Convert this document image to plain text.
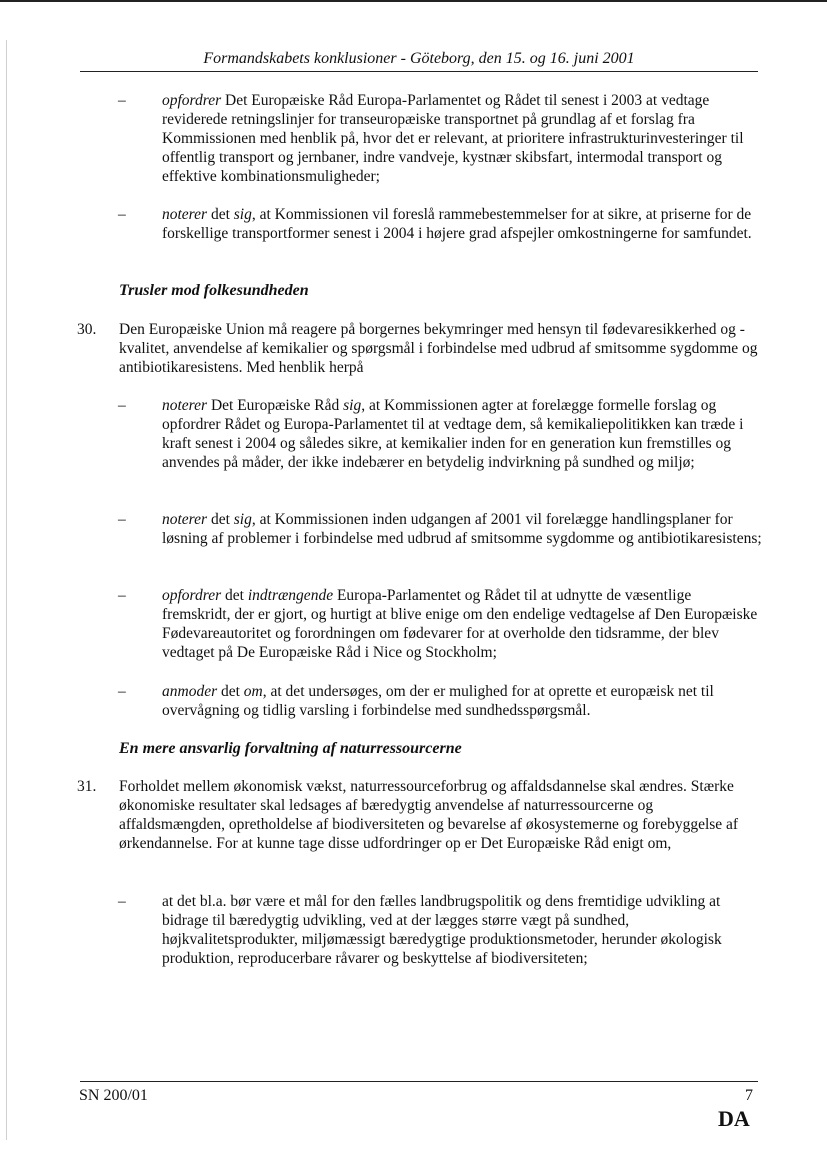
Formandskabets konklusioner - Göteborg, den 15. og 16. juni 2001
– opfordrer Det Europæiske Råd Europa-Parlamentet og Rådet til senest i 2003 at vedtage reviderede retningslinjer for transeuropæiske transportnet på grundlag af et forslag fra Kommissionen med henblik på, hvor det er relevant, at prioritere infrastrukturinvesteringer til offentlig transport og jernbaner, indre vandveje, kystnær skibsfart, intermodal transport og effektive kombinationsmuligheder;
– noterer det sig, at Kommissionen vil foreslå rammebestemmelser for at sikre, at priserne for de forskellige transportformer senest i 2004 i højere grad afspejler omkostningerne for samfundet.
Trusler mod folkesundheden
30. Den Europæiske Union må reagere på borgernes bekymringer med hensyn til fødevaresikkerhed og -kvalitet, anvendelse af kemikalier og spørgsmål i forbindelse med udbrud af smitsomme sygdomme og antibiotikaresistens. Med henblik herpå
– noterer Det Europæiske Råd sig, at Kommissionen agter at forelægge formelle forslag og opfordrer Rådet og Europa-Parlamentet til at vedtage dem, så kemikaliepolitikken kan træde i kraft senest i 2004 og således sikre, at kemikalier inden for en generation kun fremstilles og anvendes på måder, der ikke indebærer en betydelig indvirkning på sundhed og miljø;
– noterer det sig, at Kommissionen inden udgangen af 2001 vil forelægge handlingsplaner for løsning af problemer i forbindelse med udbrud af smitsomme sygdomme og antibiotikaresistens;
– opfordrer det indtrængende Europa-Parlamentet og Rådet til at udnytte de væsentlige fremskridt, der er gjort, og hurtigt at blive enige om den endelige vedtagelse af Den Europæiske Fødevareautoritet og forordningen om fødevarer for at overholde den tidsramme, der blev vedtaget på De Europæiske Råd i Nice og Stockholm;
– anmoder det om, at det undersøges, om der er mulighed for at oprette et europæisk net til overvågning og tidlig varsling i forbindelse med sundhedsspørgsmål.
En mere ansvarlig forvaltning af naturressourcerne
31. Forholdet mellem økonomisk vækst, naturressourceforbrug og affaldsdannelse skal ændres. Stærke økonomiske resultater skal ledsages af bæredygtig anvendelse af naturressourcerne og affaldsmængden, opretholdelse af biodiversiteten og bevarelse af økosystemerne og forebyggelse af ørkendannelse. For at kunne tage disse udfordringer op er Det Europæiske Råd enigt om,
– at det bl.a. bør være et mål for den fælles landbrugspolitik og dens fremtidige udvikling at bidrage til bæredygtig udvikling, ved at der lægges større vægt på sundhed, højkvalitetsprodukter, miljømæssigt bæredygtige produktionsmetoder, herunder økologisk produktion, reproducerbare råvarer og beskyttelse af biodiversiteten;
SN 200/01	7
DA
